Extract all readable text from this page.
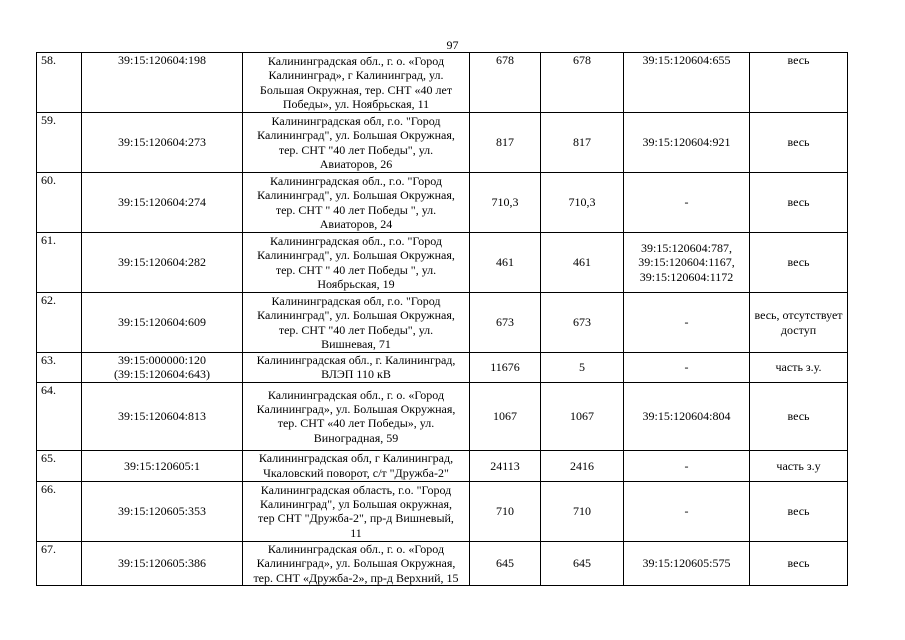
97
58.	39:15:120604:198	Калининградская обл., г. о. «Город
Калининград», г Калининград, ул.
Большая Окружная, тер. СНТ «40 лет
Победы», ул. Ноябрьская, 11	678	678	39:15:120604:655	весь
59.	39:15:120604:273	Калининградская обл, г.о. "Город
Калининград", ул. Большая Окружная,
тер. СНТ "40 лет Победы", ул.
Авиаторов, 26	817	817	39:15:120604:921	весь
60.	39:15:120604:274	Калининградская обл., г.о. "Город
Калининград", ул. Большая Окружная,
тер. СНТ " 40 лет Победы ", ул.
Авиаторов, 24	710,3	710,3	-	весь
61.	39:15:120604:282	Калининградская обл., г.о. "Город
Калининград", ул. Большая Окружная,
тер. СНТ " 40 лет Победы ", ул.
Ноябрьская, 19	461	461	39:15:120604:787,
39:15:120604:1167,
39:15:120604:1172	весь
62.	39:15:120604:609	Калининградская обл, г.о. "Город
Калининград", ул. Большая Окружная,
тер. СНТ "40 лет Победы", ул.
Вишневая, 71	673	673	-	весь, отсутствует
доступ
63.	39:15:000000:120
(39:15:120604:643)	Калининградская обл., г. Калининград,
ВЛЭП 110 кВ	11676	5	-	часть з.у.
64.	39:15:120604:813	Калининградская обл., г. о. «Город
Калининград», ул. Большая Окружная,
тер. СНТ «40 лет Победы», ул.
Виноградная, 59	1067	1067	39:15:120604:804	весь
65.	39:15:120605:1	Калининградская обл, г Калининград,
Чкаловский поворот, с/т "Дружба-2"	24113	2416	-	часть з.у
66.	39:15:120605:353	Калининградская область, г.о. "Город
Калининград", ул Большая окружная,
тер СНТ "Дружба-2", пр-д Вишневый,
11	710	710	-	весь
67.	39:15:120605:386	Калининградская обл., г. о. «Город
Калининград», ул. Большая Окружная,
тер. СНТ «Дружба-2», пр-д Верхний, 15	645	645	39:15:120605:575	весь
